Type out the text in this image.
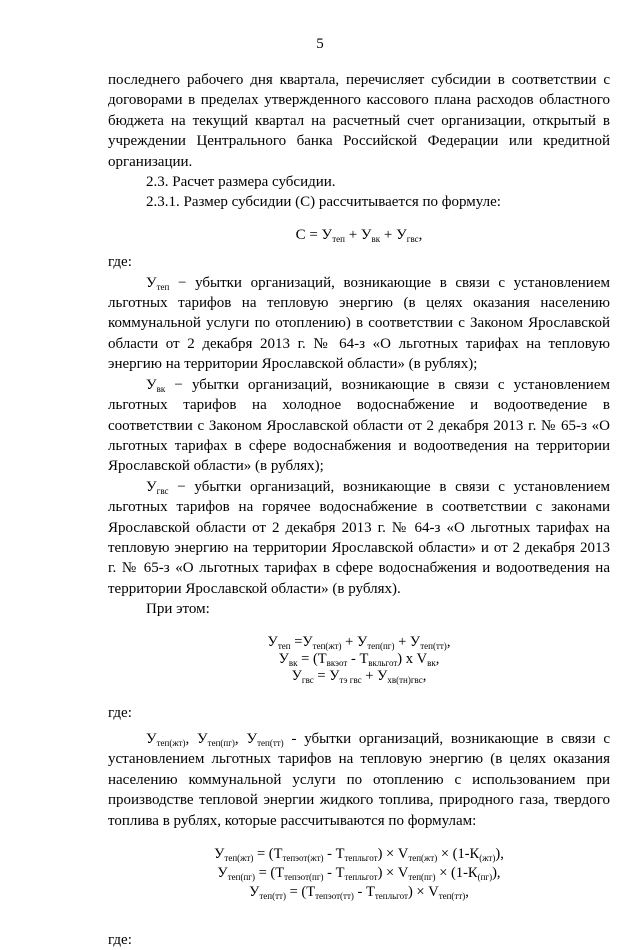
5

последнего рабочего дня квартала, перечисляет субсидии в соответствии с договорами в пределах утвержденного кассового плана расходов областного бюджета на текущий квартал на расчетный счет организации, открытый в учреждении Центрального банка Российской Федерации или кредитной организации.

2.3. Расчет размера субсидии.

2.3.1. Размер субсидии (С) рассчитывается по формуле:

$С = У_{теп} + У_{вк} + У_{гвс}$,

где:

$У_{теп}$ − убытки организаций, возникающие в связи с установлением льготных тарифов на тепловую энергию (в целях оказания населению коммунальной услуги по отоплению) в соответствии с Законом Ярославской области от 2 декабря 2013 г. № 64-з «О льготных тарифах на тепловую энергию на территории Ярославской области» (в рублях);

$У_{вк}$ − убытки организаций, возникающие в связи с установлением льготных тарифов на холодное водоснабжение и водоотведение в соответствии с Законом Ярославской области от 2 декабря 2013 г. № 65-з «О льготных тарифах в сфере водоснабжения и водоотведения на территории Ярославской области» (в рублях);

$У_{гвс}$ − убытки организаций, возникающие в связи с установлением льготных тарифов на горячее водоснабжение в соответствии с законами Ярославской области от 2 декабря 2013 г. № 64-з «О льготных тарифах на тепловую энергию на территории Ярославской области» и от 2 декабря 2013 г. № 65-з «О льготных тарифах в сфере водоснабжения и водоотведения на территории Ярославской области» (в рублях).

При этом:

$У_{теп} =У_{теп(жт)} + У_{теп(пг)} + У_{теп(тт)}$,

$У_{вк} = (Т_{вкэот} - Т_{вкльгот})$ х $V_{вк}$,

$У_{гвс} = У_{тэ гвс} + У_{хв(тн)гвс}$,

где:

$У_{теп(жт)}$, $У_{теп(пг)}$, $У_{теп(тт)}$ - убытки организаций, возникающие в связи с установлением льготных тарифов на тепловую энергию (в целях оказания населению коммунальной услуги по отоплению с использованием при производстве тепловой энергии жидкого топлива, природного газа, твердого топлива в рублях, которые рассчитываются по формулам:

$У_{теп(жт)} = (Т_{тепэот(жт)} - Т_{тепльгот}) \times V_{теп(жт)} \times (1-К_{(жт)})$,

$У_{теп(пг)} = (Т_{тепэот(пг)} - Т_{тепльгот}) \times V_{теп(пг)} \times (1-К_{(пг)})$,

$У_{теп(тт)} = (Т_{тепэот(тт)} - Т_{тепльгот}) \times V_{теп(тт)}$,

где:
